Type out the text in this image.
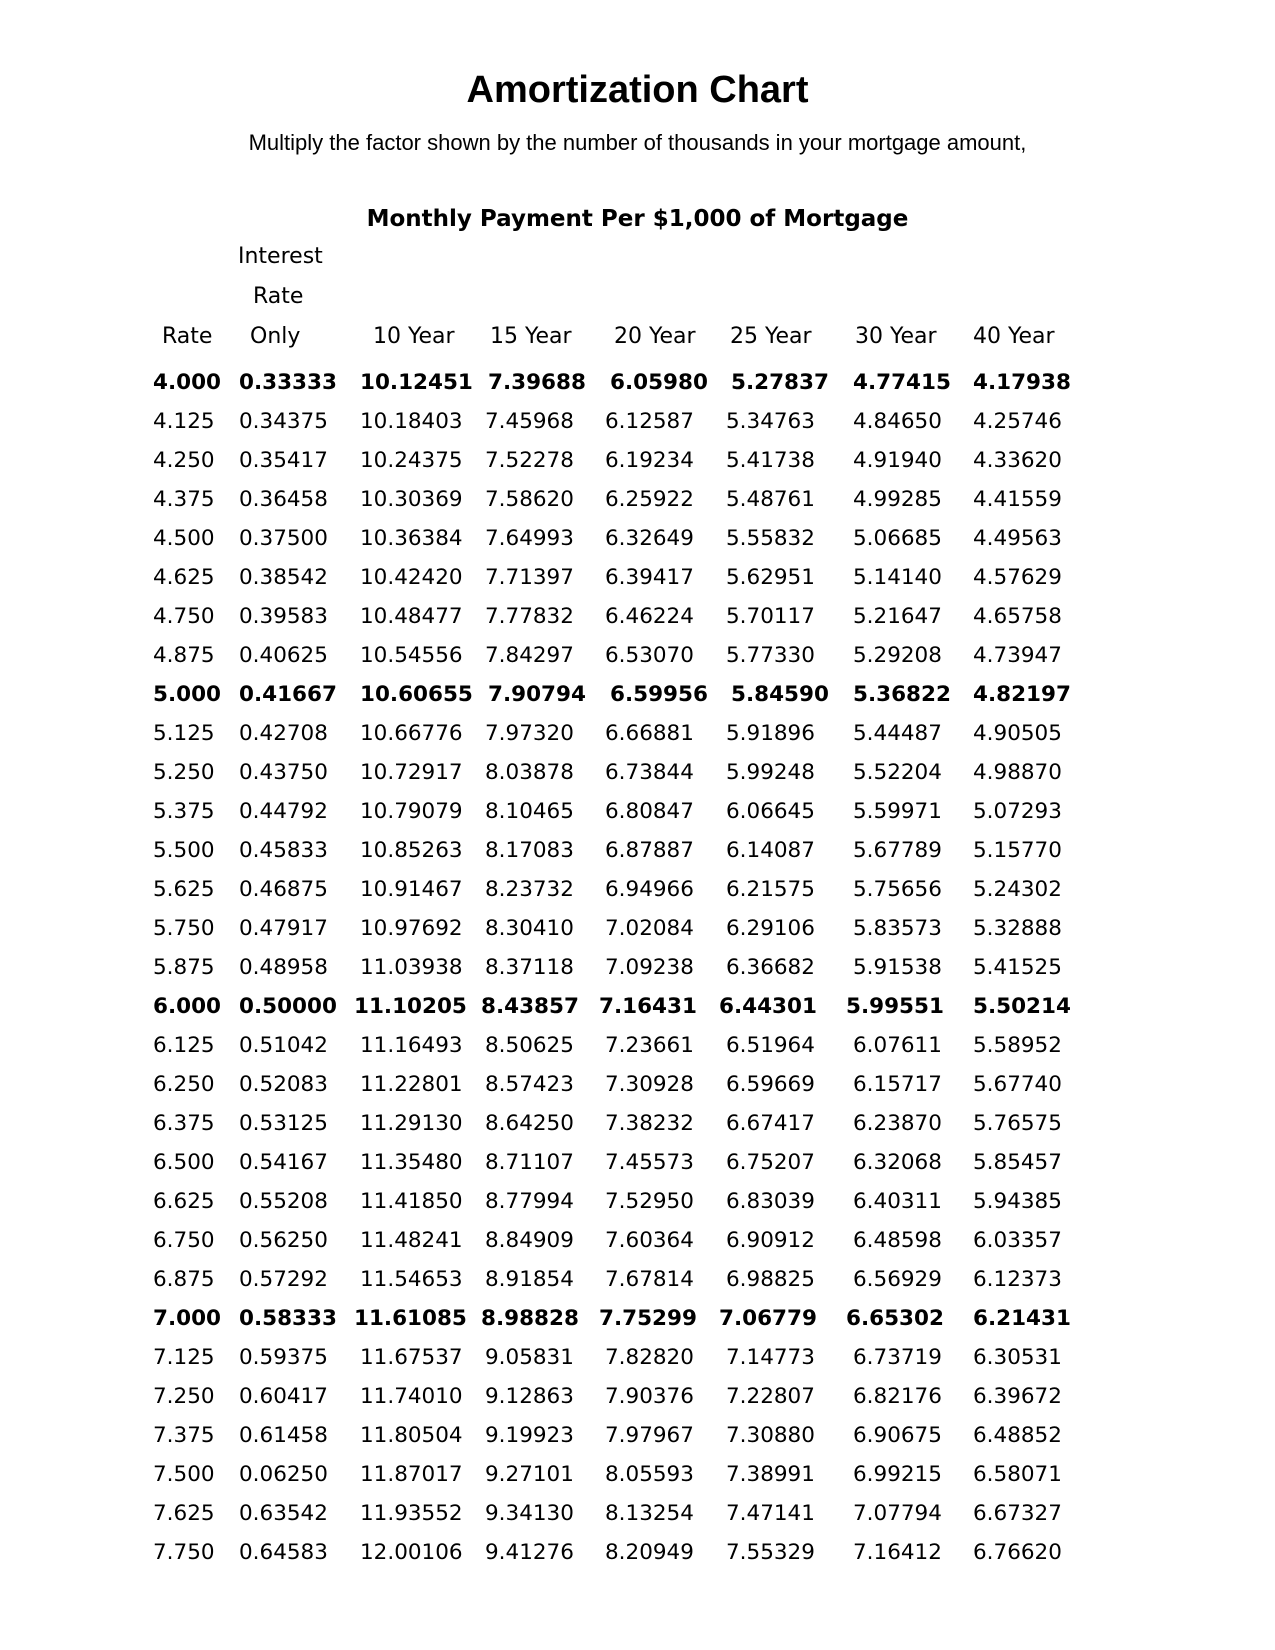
Amortization Chart
Multiply the factor shown by the number of thousands in your mortgage amount,
Monthly Payment Per $1,000 of Mortgage
Rate
Interest
Rate
Only	10 Year 15 Year 20 Year 25 Year 30 Year 40 Year
4.000 0.33333 10.12451 7.39688 6.05980 5.27837 4.77415 4.17938
4.125 0.34375 10.18403 7.45968 6.12587 5.34763 4.84650 4.25746
4.250 0.35417 10.24375 7.52278 6.19234 5.41738 4.91940 4.33620
4.375 0.36458 10.30369 7.58620 6.25922 5.48761 4.99285 4.41559
4.500 0.37500 10.36384 7.64993 6.32649 5.55832 5.06685 4.49563
4.625 0.38542 10.42420 7.71397 6.39417 5.62951 5.14140 4.57629
4.750 0.39583 10.48477 7.77832 6.46224 5.70117 5.21647 4.65758
4.875 0.40625 10.54556 7.84297 6.53070 5.77330 5.29208 4.73947
5.000 0.41667 10.60655 7.90794 6.59956 5.84590 5.36822 4.82197
5.125 0.42708 10.66776 7.97320 6.66881 5.91896 5.44487 4.90505
5.250 0.43750 10.72917 8.03878 6.73844 5.99248 5.52204 4.98870
5.375 0.44792 10.79079 8.10465 6.80847 6.06645 5.59971 5.07293
5.500 0.45833 10.85263 8.17083 6.87887 6.14087 5.67789 5.15770
5.625 0.46875 10.91467 8.23732 6.94966 6.21575 5.75656 5.24302
5.750 0.47917 10.97692 8.30410 7.02084 6.29106 5.83573 5.32888
5.875 0.48958 11.03938 8.37118 7.09238 6.36682 5.91538 5.41525
6.000 0.50000 11.10205 8.43857 7.16431 6.44301 5.99551 5.50214
6.125 0.51042 11.16493 8.50625 7.23661 6.51964 6.07611 5.58952
6.250 0.52083 11.22801 8.57423 7.30928 6.59669 6.15717 5.67740
6.375 0.53125 11.29130 8.64250 7.38232 6.67417 6.23870 5.76575
6.500 0.54167 11.35480 8.71107 7.45573 6.75207 6.32068 5.85457
6.625 0.55208 11.41850 8.77994 7.52950 6.83039 6.40311 5.94385
6.750 0.56250 11.48241 8.84909 7.60364 6.90912 6.48598 6.03357
6.875 0.57292 11.54653 8.91854 7.67814 6.98825 6.56929 6.12373
7.000 0.58333 11.61085 8.98828 7.75299 7.06779 6.65302 6.21431
7.125 0.59375 11.67537 9.05831 7.82820 7.14773 6.73719 6.30531
7.250 0.60417 11.74010 9.12863 7.90376 7.22807 6.82176 6.39672
7.375 0.61458 11.80504 9.19923 7.97967 7.30880 6.90675 6.48852
7.500 0.06250 11.87017 9.27101 8.05593 7.38991 6.99215 6.58071
7.625 0.63542 11.93552 9.34130 8.13254 7.47141 7.07794 6.67327
7.750 0.64583 12.00106 9.41276 8.20949 7.55329 7.16412 6.76620
